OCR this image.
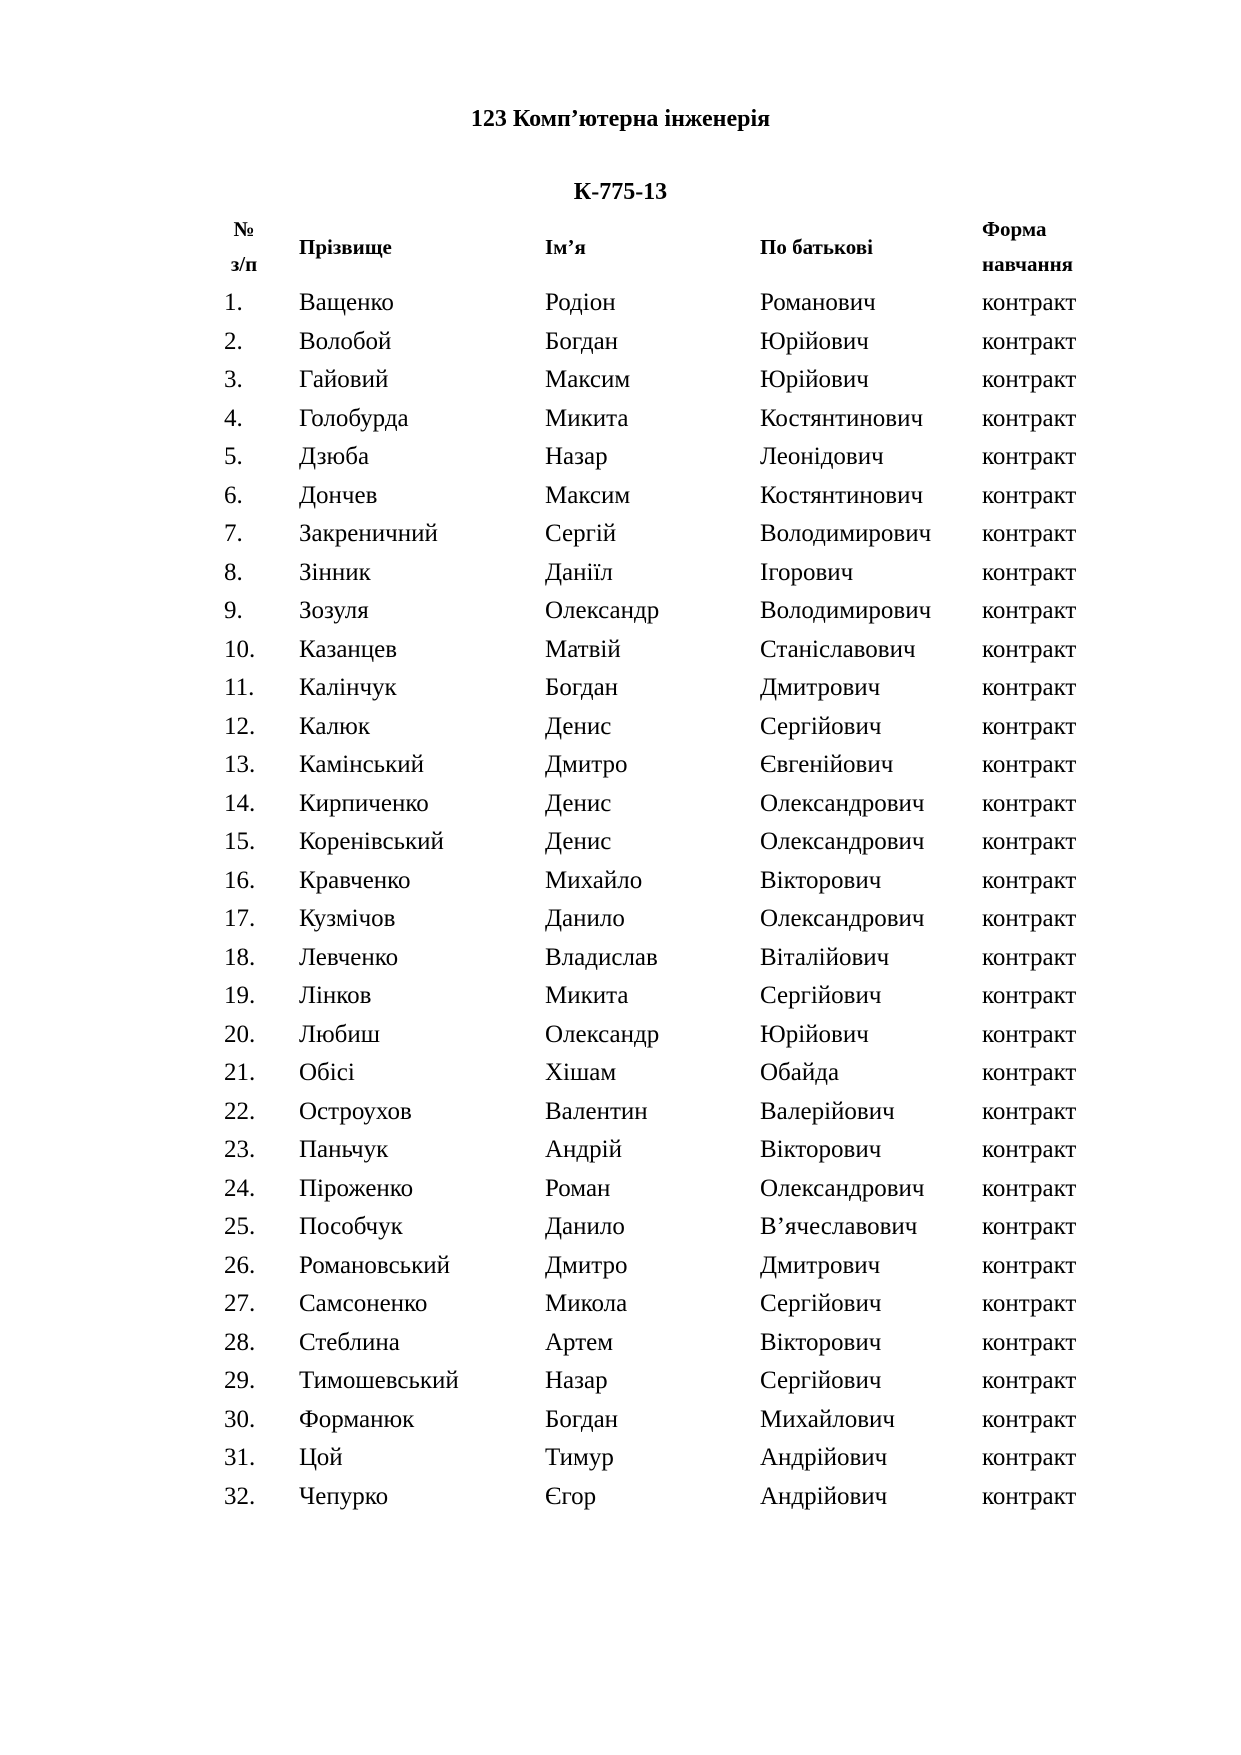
123 Комп’ютерна інженерія
К-775-13
№ з/п	Прізвище	Ім’я	По батькові	Форма навчання
1.	Ващенко	Родіон	Романович	контракт
2.	Волобой	Богдан	Юрійович	контракт
3.	Гайовий	Максим	Юрійович	контракт
4.	Голобурда	Микита	Костянтинович	контракт
5.	Дзюба	Назар	Леонідович	контракт
6.	Дончев	Максим	Костянтинович	контракт
7.	Закреничний	Сергій	Володимирович	контракт
8.	Зінник	Даніїл	Ігорович	контракт
9.	Зозуля	Олександр	Володимирович	контракт
10.	Казанцев	Матвій	Станіславович	контракт
11.	Калінчук	Богдан	Дмитрович	контракт
12.	Калюк	Денис	Сергійович	контракт
13.	Камінський	Дмитро	Євгенійович	контракт
14.	Кирпиченко	Денис	Олександрович	контракт
15.	Коренівський	Денис	Олександрович	контракт
16.	Кравченко	Михайло	Вікторович	контракт
17.	Кузмічов	Данило	Олександрович	контракт
18.	Левченко	Владислав	Віталійович	контракт
19.	Лінков	Микита	Сергійович	контракт
20.	Любиш	Олександр	Юрійович	контракт
21.	Обісі	Хішам	Обайда	контракт
22.	Остроухов	Валентин	Валерійович	контракт
23.	Паньчук	Андрій	Вікторович	контракт
24.	Піроженко	Роман	Олександрович	контракт
25.	Пособчук	Данило	В’ячеславович	контракт
26.	Романовський	Дмитро	Дмитрович	контракт
27.	Самсоненко	Микола	Сергійович	контракт
28.	Стеблина	Артем	Вікторович	контракт
29.	Тимошевський	Назар	Сергійович	контракт
30.	Форманюк	Богдан	Михайлович	контракт
31.	Цой	Тимур	Андрійович	контракт
32.	Чепурко	Єгор	Андрійович	контракт
